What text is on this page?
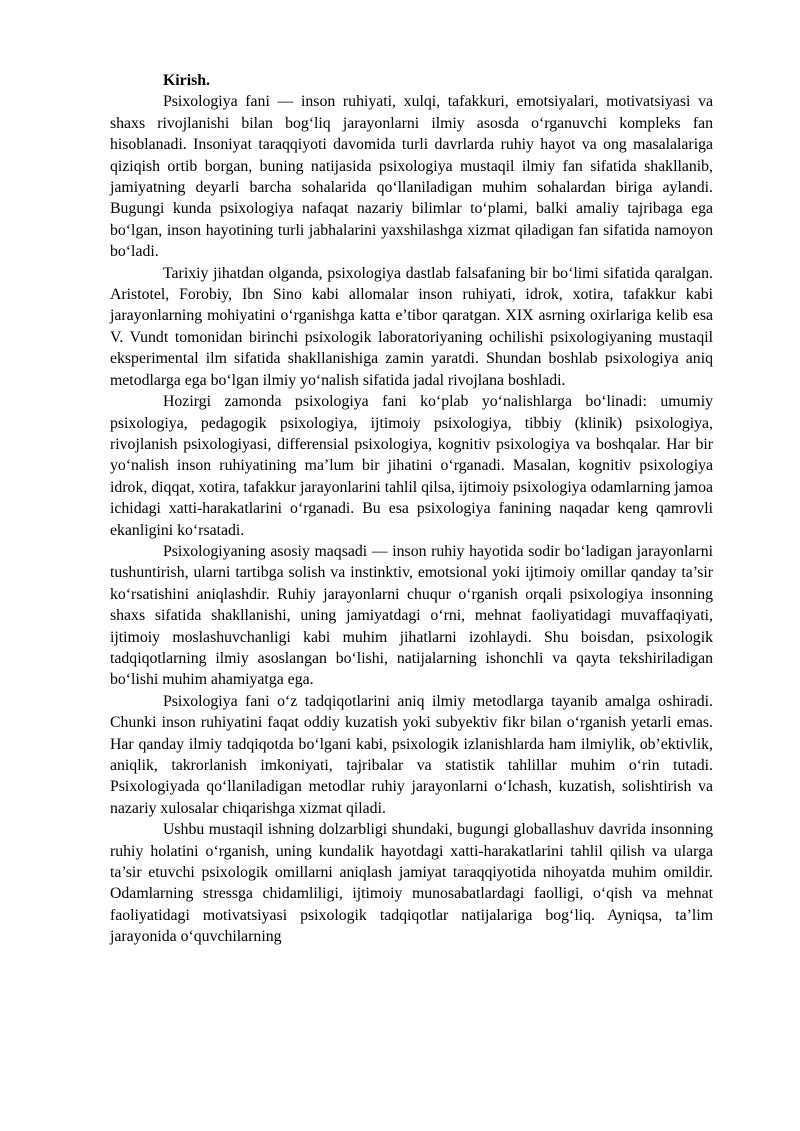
Kirish.

Psixologiya fani — inson ruhiyati, xulqi, tafakkuri, emotsiyalari, motivatsiyasi va shaxs rivojlanishi bilan bog‘liq jarayonlarni ilmiy asosda o‘rganuvchi kompleks fan hisoblanadi. Insoniyat taraqqiyoti davomida turli davrlarda ruhiy hayot va ong masalalariga qiziqish ortib borgan, buning natijasida psixologiya mustaqil ilmiy fan sifatida shakllanib, jamiyatning deyarli barcha sohalarida qo‘llaniladigan muhim sohalardan biriga aylandi. Bugungi kunda psixologiya nafaqat nazariy bilimlar to‘plami, balki amaliy tajribaga ega bo‘lgan, inson hayotining turli jabhalarini yaxshilashga xizmat qiladigan fan sifatida namoyon bo‘ladi.

Tarixiy jihatdan olganda, psixologiya dastlab falsafaning bir bo‘limi sifatida qaralgan. Aristotel, Forobiy, Ibn Sino kabi allomalar inson ruhiyati, idrok, xotira, tafakkur kabi jarayonlarning mohiyatini o‘rganishga katta e’tibor qaratgan. XIX asrning oxirlariga kelib esa V. Vundt tomonidan birinchi psixologik laboratoriyaning ochilishi psixologiyaning mustaqil eksperimental ilm sifatida shakllanishiga zamin yaratdi. Shundan boshlab psixologiya aniq metodlarga ega bo‘lgan ilmiy yo‘nalish sifatida jadal rivojlana boshladi.

Hozirgi zamonda psixologiya fani ko‘plab yo‘nalishlarga bo‘linadi: umumiy psixologiya, pedagogik psixologiya, ijtimoiy psixologiya, tibbiy (klinik) psixologiya, rivojlanish psixologiyasi, differensial psixologiya, kognitiv psixologiya va boshqalar. Har bir yo‘nalish inson ruhiyatining ma’lum bir jihatini o‘rganadi. Masalan, kognitiv psixologiya idrok, diqqat, xotira, tafakkur jarayonlarini tahlil qilsa, ijtimoiy psixologiya odamlarning jamoa ichidagi xatti-harakatlarini o‘rganadi. Bu esa psixologiya fanining naqadar keng qamrovli ekanligini ko‘rsatadi.

Psixologiyaning asosiy maqsadi — inson ruhiy hayotida sodir bo‘ladigan jarayonlarni tushuntirish, ularni tartibga solish va instinktiv, emotsional yoki ijtimoiy omillar qanday ta’sir ko‘rsatishini aniqlashdir. Ruhiy jarayonlarni chuqur o‘rganish orqali psixologiya insonning shaxs sifatida shakllanishi, uning jamiyatdagi o‘rni, mehnat faoliyatidagi muvaffaqiyati, ijtimoiy moslashuvchanligi kabi muhim jihatlarni izohlaydi. Shu boisdan, psixologik tadqiqotlarning ilmiy asoslangan bo‘lishi, natijalarning ishonchli va qayta tekshiriladigan bo‘lishi muhim ahamiyatga ega.

Psixologiya fani o‘z tadqiqotlarini aniq ilmiy metodlarga tayanib amalga oshiradi. Chunki inson ruhiyatini faqat oddiy kuzatish yoki subyektiv fikr bilan o‘rganish yetarli emas. Har qanday ilmiy tadqiqotda bo‘lgani kabi, psixologik izlanishlarda ham ilmiylik, ob’ektivlik, aniqlik, takrorlanish imkoniyati, tajribalar va statistik tahlillar muhim o‘rin tutadi. Psixologiyada qo‘llaniladigan metodlar ruhiy jarayonlarni o‘lchash, kuzatish, solishtirish va nazariy xulosalar chiqarishga xizmat qiladi.

Ushbu mustaqil ishning dolzarbligi shundaki, bugungi globallashuv davrida insonning ruhiy holatini o‘rganish, uning kundalik hayotdagi xatti-harakatlarini tahlil qilish va ularga ta’sir etuvchi psixologik omillarni aniqlash jamiyat taraqqiyotida nihoyatda muhim omildir. Odamlarning stressga chidamliligi, ijtimoiy munosabatlardagi faolligi, o‘qish va mehnat faoliyatidagi motivatsiyasi psixologik tadqiqotlar natijalariga bog‘liq. Ayniqsa, ta’lim jarayonida o‘quvchilarning
